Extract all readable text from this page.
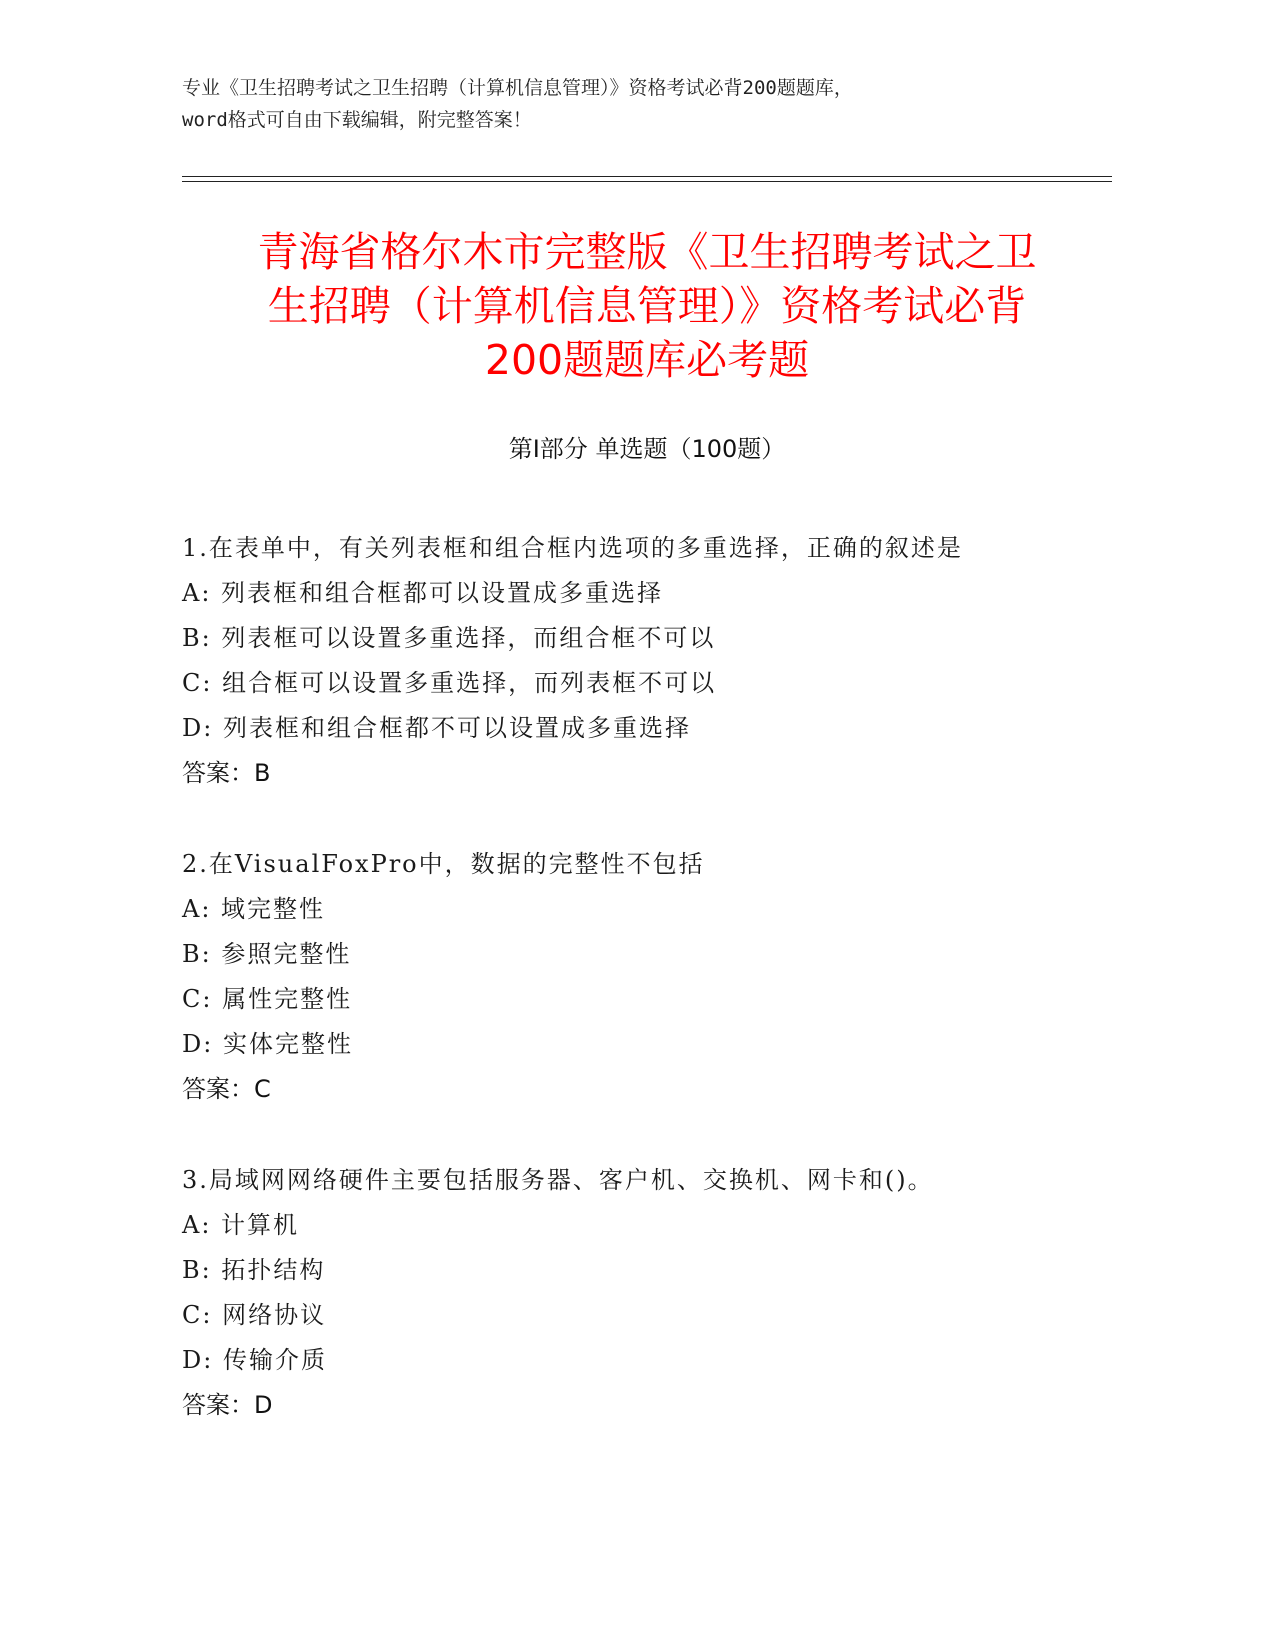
专业《卫生招聘考试之卫生招聘（计算机信息管理）》资格考试必背200题题库，
word格式可自由下载编辑，附完整答案！
青海省格尔木市完整版《卫生招聘考试之卫
生招聘（计算机信息管理）》资格考试必背
200题题库必考题
第Ⅰ部分 单选题（100题）
1.在表单中，有关列表框和组合框内选项的多重选择，正确的叙述是
A: 列表框和组合框都可以设置成多重选择
B: 列表框可以设置多重选择，而组合框不可以
C: 组合框可以设置多重选择，而列表框不可以
D: 列表框和组合框都不可以设置成多重选择
答案：B
2.在VisualFoxPro中，数据的完整性不包括
A: 域完整性
B: 参照完整性
C: 属性完整性
D: 实体完整性
答案：C
3.局域网网络硬件主要包括服务器、客户机、交换机、网卡和()。
A: 计算机
B: 拓扑结构
C: 网络协议
D: 传输介质
答案：D
